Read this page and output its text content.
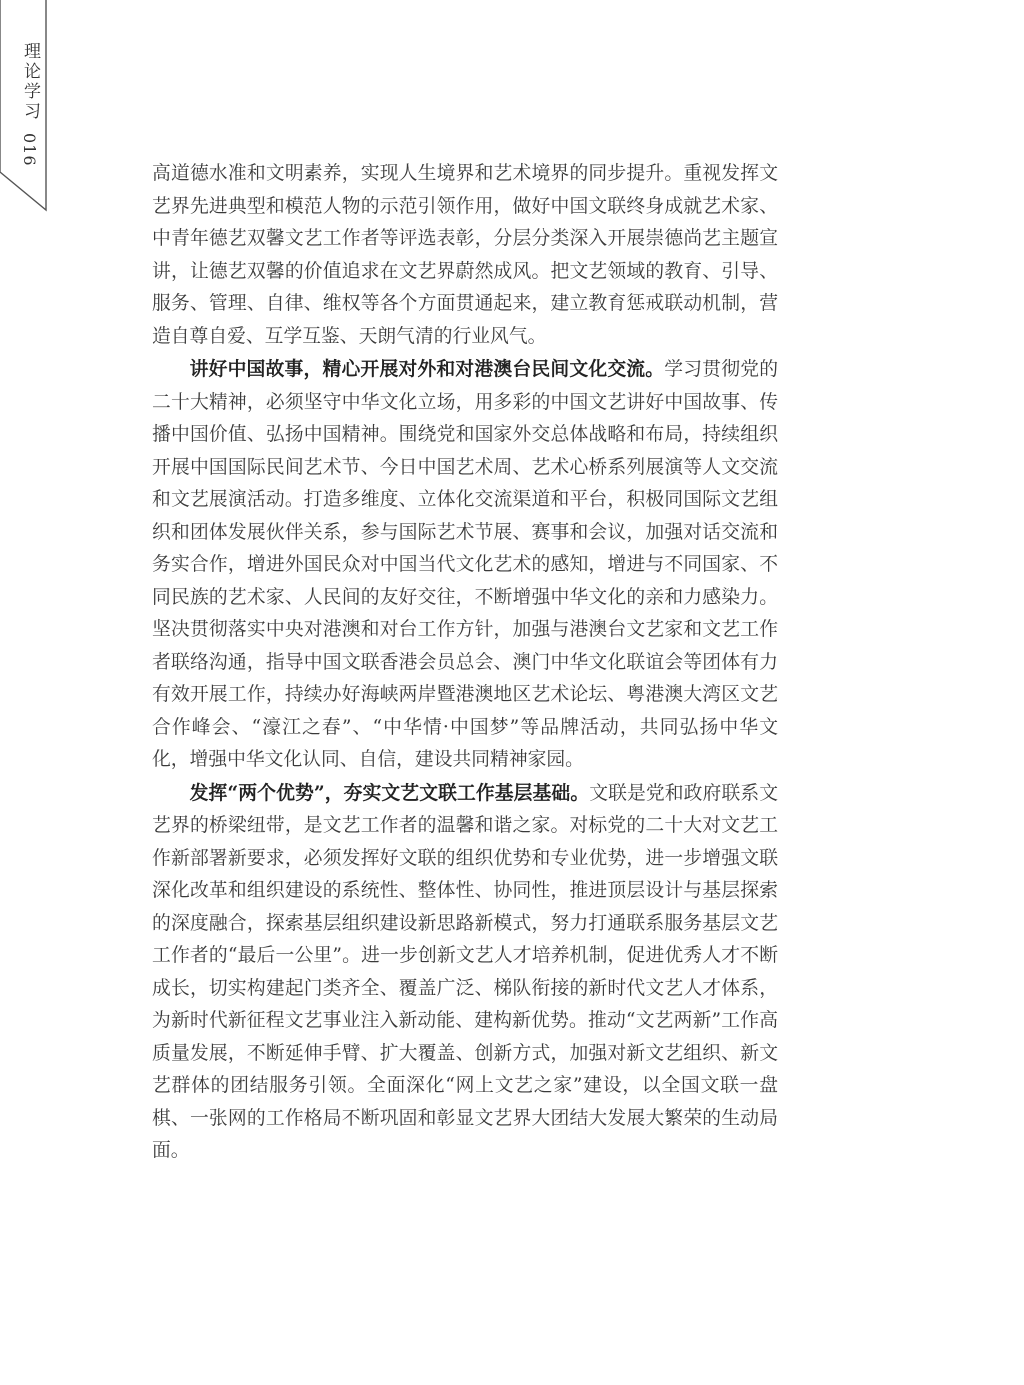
理论学习
016

高道德水准和文明素养，实现人生境界和艺术境界的同步提升。重视发挥文艺界先进典型和模范人物的示范引领作用，做好中国文联终身成就艺术家、中青年德艺双馨文艺工作者等评选表彰，分层分类深入开展崇德尚艺主题宣讲，让德艺双馨的价值追求在文艺界蔚然成风。把文艺领域的教育、引导、服务、管理、自律、维权等各个方面贯通起来，建立教育惩戒联动机制，营造自尊自爱、互学互鉴、天朗气清的行业风气。

讲好中国故事，精心开展对外和对港澳台民间文化交流。学习贯彻党的二十大精神，必须坚守中华文化立场，用多彩的中国文艺讲好中国故事、传播中国价值、弘扬中国精神。围绕党和国家外交总体战略和布局，持续组织开展中国国际民间艺术节、今日中国艺术周、艺术心桥系列展演等人文交流和文艺展演活动。打造多维度、立体化交流渠道和平台，积极同国际文艺组织和团体发展伙伴关系，参与国际艺术节展、赛事和会议，加强对话交流和务实合作，增进外国民众对中国当代文化艺术的感知，增进与不同国家、不同民族的艺术家、人民间的友好交往，不断增强中华文化的亲和力感染力。坚决贯彻落实中央对港澳和对台工作方针，加强与港澳台文艺家和文艺工作者联络沟通，指导中国文联香港会员总会、澳门中华文化联谊会等团体有力有效开展工作，持续办好海峡两岸暨港澳地区艺术论坛、粤港澳大湾区文艺合作峰会、“濠江之春”、“中华情·中国梦”等品牌活动，共同弘扬中华文化，增强中华文化认同、自信，建设共同精神家园。

发挥“两个优势”，夯实文艺文联工作基层基础。文联是党和政府联系文艺界的桥梁纽带，是文艺工作者的温馨和谐之家。对标党的二十大对文艺工作新部署新要求，必须发挥好文联的组织优势和专业优势，进一步增强文联深化改革和组织建设的系统性、整体性、协同性，推进顶层设计与基层探索的深度融合，探索基层组织建设新思路新模式，努力打通联系服务基层文艺工作者的“最后一公里”。进一步创新文艺人才培养机制，促进优秀人才不断成长，切实构建起门类齐全、覆盖广泛、梯队衔接的新时代文艺人才体系，为新时代新征程文艺事业注入新动能、建构新优势。推动“文艺两新”工作高质量发展，不断延伸手臂、扩大覆盖、创新方式，加强对新文艺组织、新文艺群体的团结服务引领。全面深化“网上文艺之家”建设，以全国文联一盘棋、一张网的工作格局不断巩固和彰显文艺界大团结大发展大繁荣的生动局面。
